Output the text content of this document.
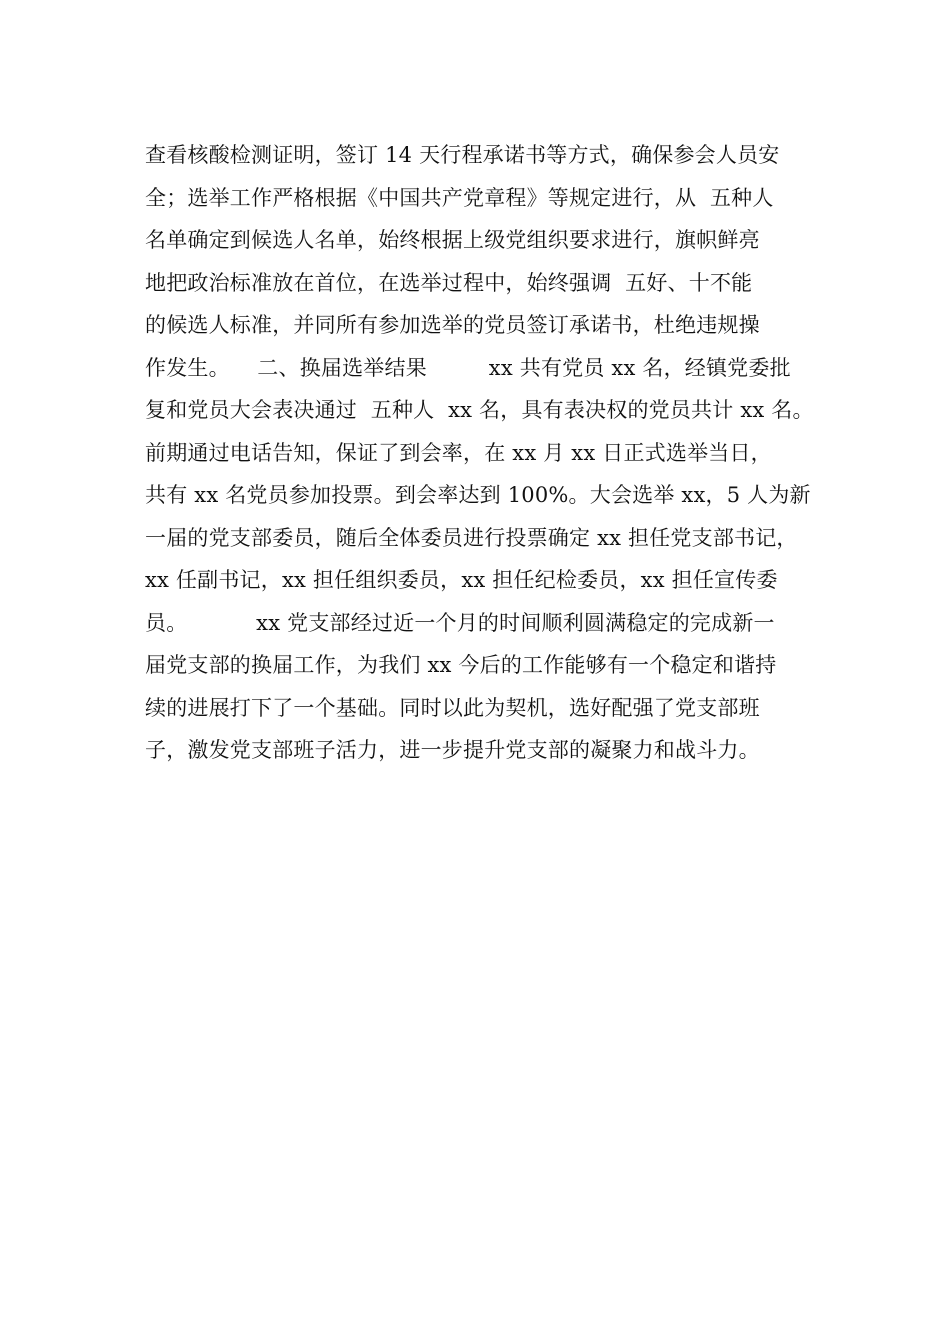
查看核酸检测证明，签订 14 天行程承诺书等方式，确保参会人员安
全；选举工作严格根据《中国共产党章程》等规定进行，从  五种人
名单确定到候选人名单，始终根据上级党组织要求进行，旗帜鲜亮
地把政治标准放在首位，在选举过程中，始终强调  五好、十不能
的候选人标准，并同所有参加选举的党员签订承诺书，杜绝违规操
作发生。    二、换届选举结果         xx 共有党员 xx 名，经镇党委批
复和党员大会表决通过  五种人  xx 名，具有表决权的党员共计 xx 名。
前期通过电话告知，保证了到会率，在 xx 月 xx 日正式选举当日，
共有 xx 名党员参加投票。到会率达到 100%。大会选举 xx，5 人为新
一届的党支部委员，随后全体委员进行投票确定 xx 担任党支部书记，
xx 任副书记，xx 担任组织委员，xx 担任纪检委员，xx 担任宣传委
员。          xx 党支部经过近一个月的时间顺利圆满稳定的完成新一
届党支部的换届工作，为我们 xx 今后的工作能够有一个稳定和谐持
续的进展打下了一个基础。同时以此为契机，选好配强了党支部班
子，激发党支部班子活力，进一步提升党支部的凝聚力和战斗力。
